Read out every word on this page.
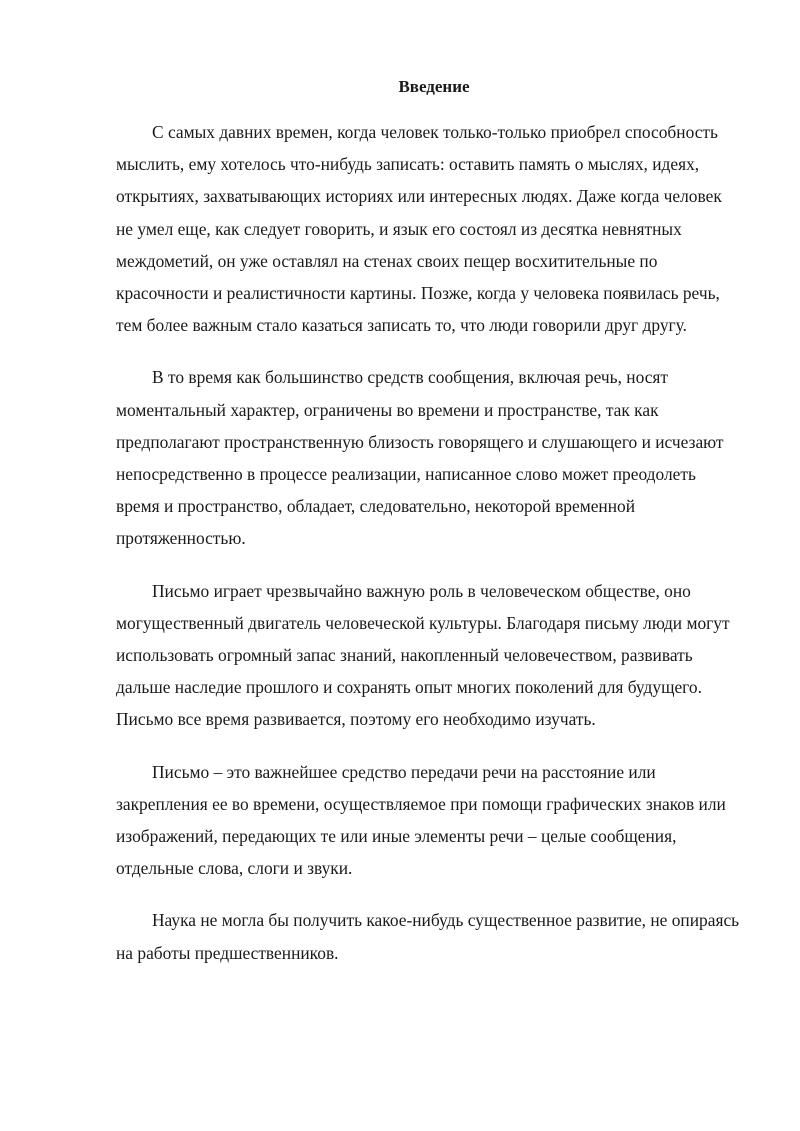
Введение

С самых давних времен, когда человек только-только приобрел способность мыслить, ему хотелось что-нибудь записать: оставить память о мыслях, идеях, открытиях, захватывающих историях или интересных людях. Даже когда человек не умел еще, как следует говорить, и язык его состоял из десятка невнятных междометий, он уже оставлял на стенах своих пещер восхитительные по красочности и реалистичности картины. Позже, когда у человека появилась речь, тем более важным стало казаться записать то, что люди говорили друг другу.

В то время как большинство средств сообщения, включая речь, носят моментальный характер, ограничены во времени и пространстве, так как предполагают пространственную близость говорящего и слушающего и исчезают непосредственно в процессе реализации, написанное слово может преодолеть время и пространство, обладает, следовательно, некоторой временной протяженностью.

Письмо играет чрезвычайно важную роль в человеческом обществе, оно могущественный двигатель человеческой культуры. Благодаря письму люди могут использовать огромный запас знаний, накопленный человечеством, развивать дальше наследие прошлого и сохранять опыт многих поколений для будущего. Письмо все время развивается, поэтому его необходимо изучать.

Письмо – это важнейшее средство передачи речи на расстояние или закрепления ее во времени, осуществляемое при помощи графических знаков или изображений, передающих те или иные элементы речи – целые сообщения, отдельные слова, слоги и звуки.

Наука не могла бы получить какое-нибудь существенное развитие, не опираясь на работы предшественников.
